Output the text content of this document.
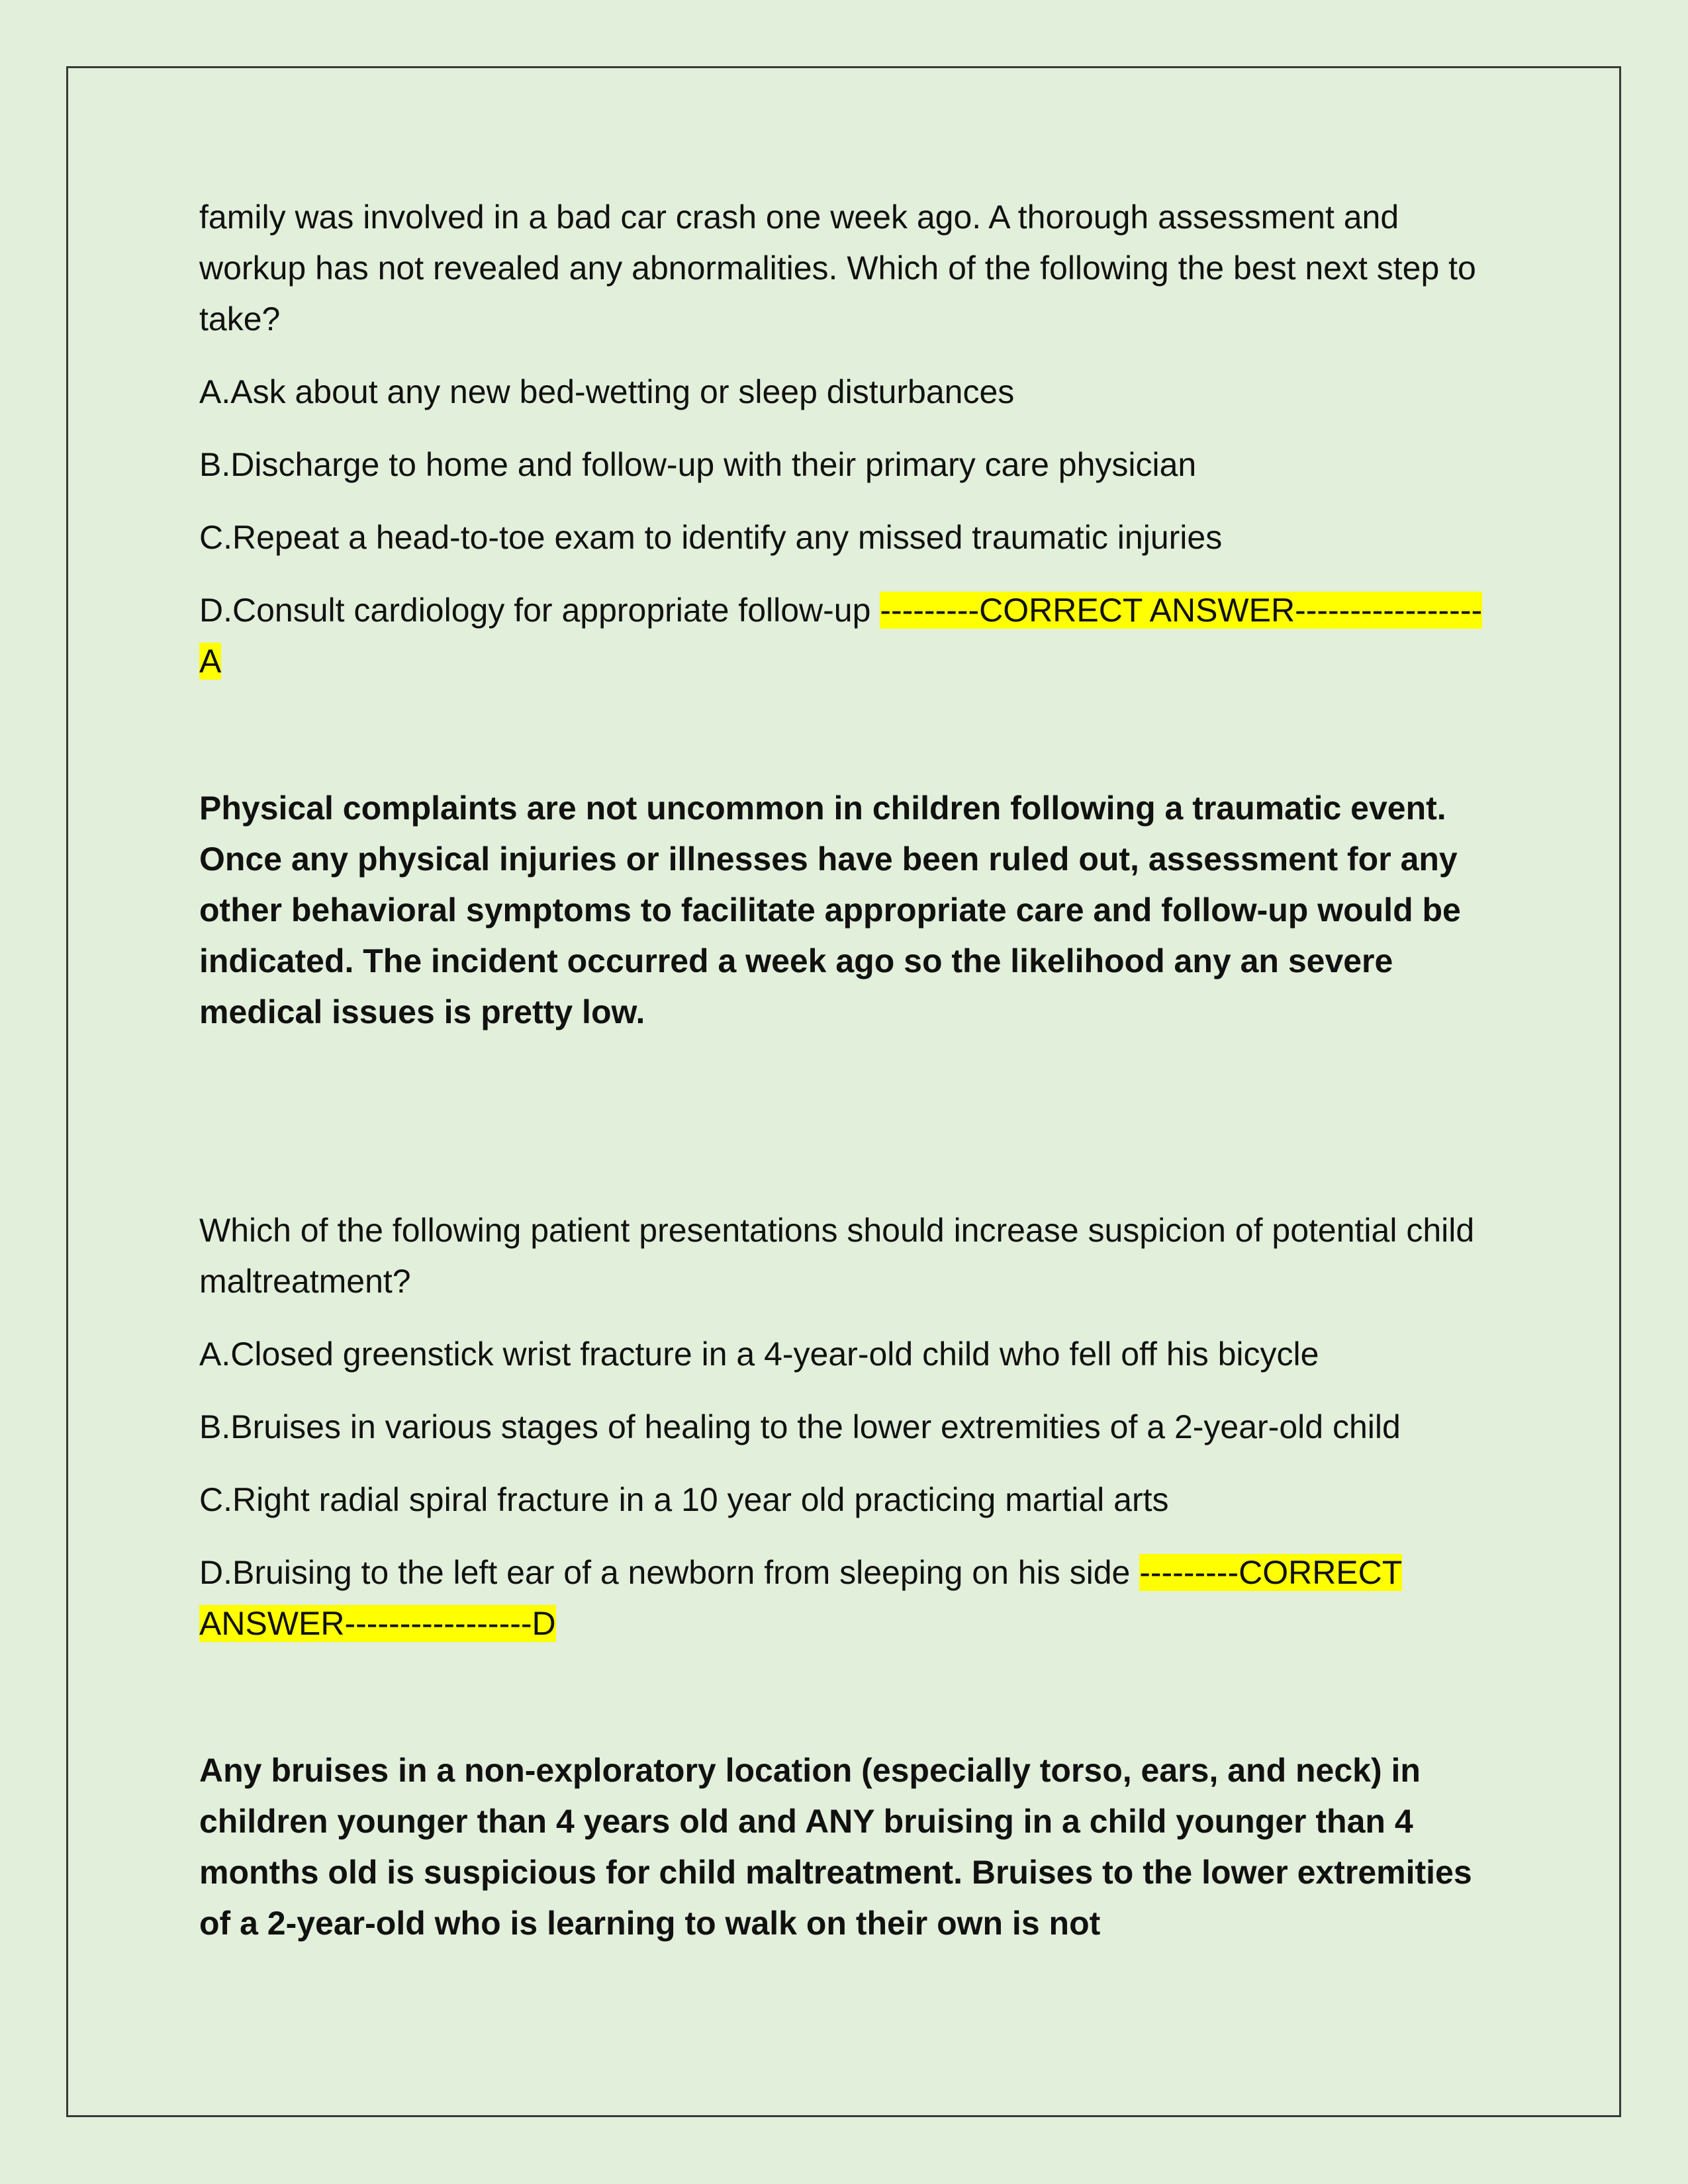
family was involved in a bad car crash one week ago. A thorough assessment and workup has not revealed any abnormalities. Which of the following the best next step to take?

A.Ask about any new bed-wetting or sleep disturbances

B.Discharge to home and follow-up with their primary care physician

C.Repeat a head-to-toe exam to identify any missed traumatic injuries

D.Consult cardiology for appropriate follow-up ---------CORRECT ANSWER-----------------A

Physical complaints are not uncommon in children following a traumatic event. Once any physical injuries or illnesses have been ruled out, assessment for any other behavioral symptoms to facilitate appropriate care and follow-up would be indicated. The incident occurred a week ago so the likelihood any an severe medical issues is pretty low.

Which of the following patient presentations should increase suspicion of potential child maltreatment?

A.Closed greenstick wrist fracture in a 4-year-old child who fell off his bicycle

B.Bruises in various stages of healing to the lower extremities of a 2-year-old child

C.Right radial spiral fracture in a 10 year old practicing martial arts

D.Bruising to the left ear of a newborn from sleeping on his side ---------CORRECT ANSWER-----------------D

Any bruises in a non-exploratory location (especially torso, ears, and neck) in children younger than 4 years old and ANY bruising in a child younger than 4 months old is suspicious for child maltreatment. Bruises to the lower extremities of a 2-year-old who is learning to walk on their own is not
